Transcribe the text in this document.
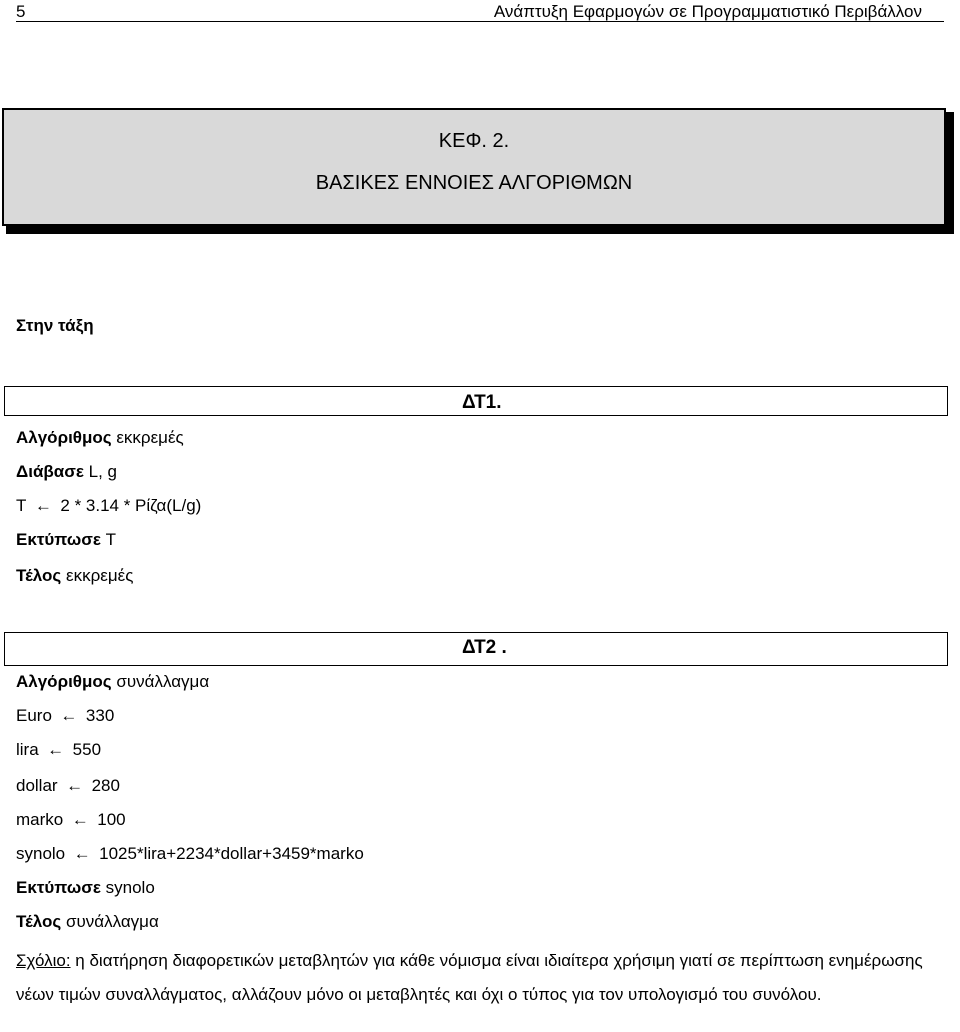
5	Ανάπτυξη Εφαρμογών σε Προγραμματιστικό Περιβάλλον
ΚΕΦ. 2.
ΒΑΣΙΚΕΣ ΕΝΝΟΙΕΣ ΑΛΓΟΡΙΘΜΩΝ
Στην τάξη
ΔΤ1.
Αλγόριθμος εκκρεμές
Διάβασε L, g
T ← 2 * 3.14 * Ρίζα(L/g)
Εκτύπωσε T
Τέλος εκκρεμές
ΔΤ2 .
Αλγόριθμος συνάλλαγμα
Euro ← 330
lira ← 550
dollar ← 280
marko ← 100
synolo ← 1025*lira+2234*dollar+3459*marko
Εκτύπωσε synolo
Τέλος συνάλλαγμα
Σχόλιο: η διατήρηση διαφορετικών μεταβλητών για κάθε νόμισμα είναι ιδιαίτερα χρήσιμη γιατί σε περίπτωση ενημέρωσης νέων τιμών συναλλάγματος, αλλάζουν μόνο οι μεταβλητές και όχι ο τύπος για τον υπολογισμό του συνόλου.
